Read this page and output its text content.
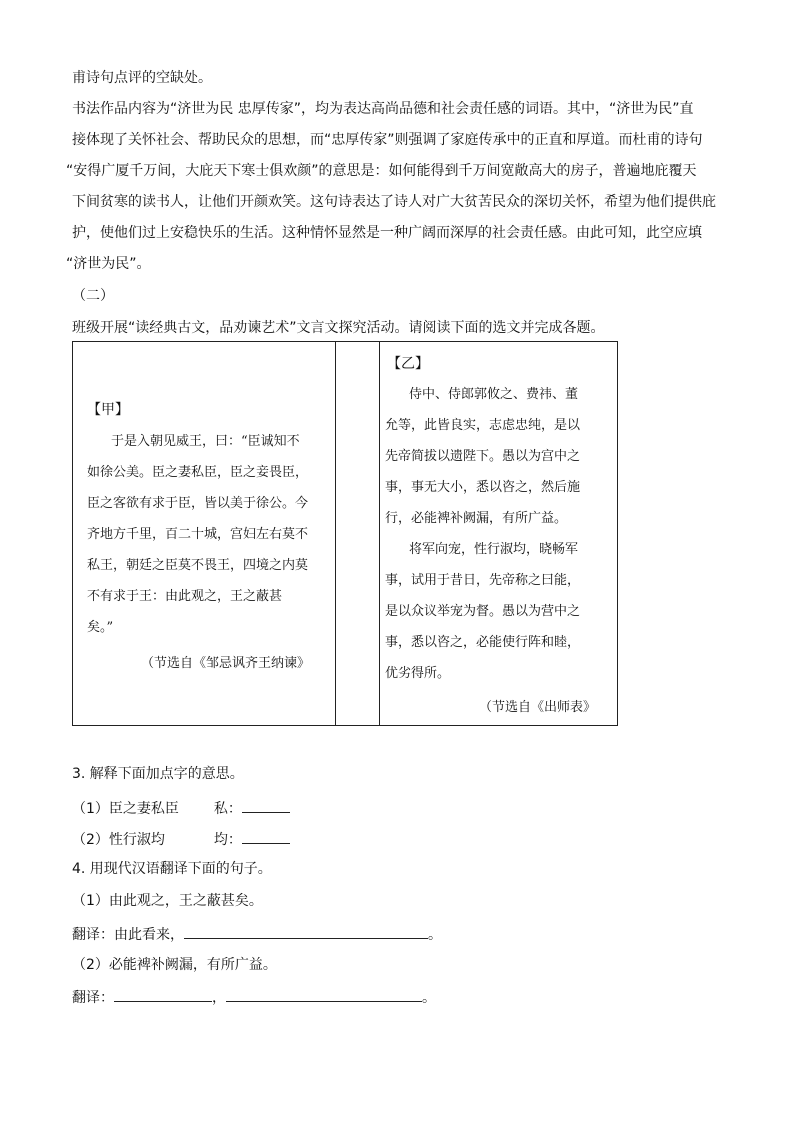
甫诗句点评的空缺处。
书法作品内容为“济世为民 忠厚传家”，均为表达高尚品德和社会责任感的词语。其中，“济世为民”直
接体现了关怀社会、帮助民众的思想，而“忠厚传家”则强调了家庭传承中的正直和厚道。而杜甫的诗句
“安得广厦千万间，大庇天下寒士俱欢颜”的意思是：如何能得到千万间宽敞高大的房子，普遍地庇覆天
下间贫寒的读书人，让他们开颜欢笑。这句诗表达了诗人对广大贫苦民众的深切关怀，希望为他们提供庇
护，使他们过上安稳快乐的生活。这种情怀显然是一种广阔而深厚的社会责任感。由此可知，此空应填
“济世为民”。
（二）
班级开展“读经典古文，品劝谏艺术”文言文探究活动。请阅读下面的选文并完成各题。
【甲】
于是入朝见威王，曰：“臣诚知不
如徐公美。臣之妻私臣，臣之妾畏臣，
臣之客欲有求于臣，皆以美于徐公。今
齐地方千里，百二十城，宫妇左右莫不
私王，朝廷之臣莫不畏王，四境之内莫
不有求于王：由此观之，王之蔽甚
矣。”
（节选自《邹忌讽齐王纳谏》
【乙】
侍中、侍郎郭攸之、费祎、董
允等，此皆良实，志虑忠纯，是以
先帝简拔以遗陛下。愚以为宫中之
事，事无大小，悉以咨之，然后施
行，必能裨补阙漏，有所广益。
将军向宠，性行淑均，晓畅军
事，试用于昔日，先帝称之曰能，
是以众议举宠为督。愚以为营中之
事，悉以咨之，必能使行阵和睦，
优劣得所。
（节选自《出师表》
3. 解释下面加点字的意思。
（1）臣之妻私臣 私：
（2）性行淑均	均：
4. 用现代汉语翻译下面的句子。
（1）由此观之，王之蔽甚矣。
翻译：由此看来，	。
（2）必能裨补阙漏，有所广益。
翻译：	，	。
